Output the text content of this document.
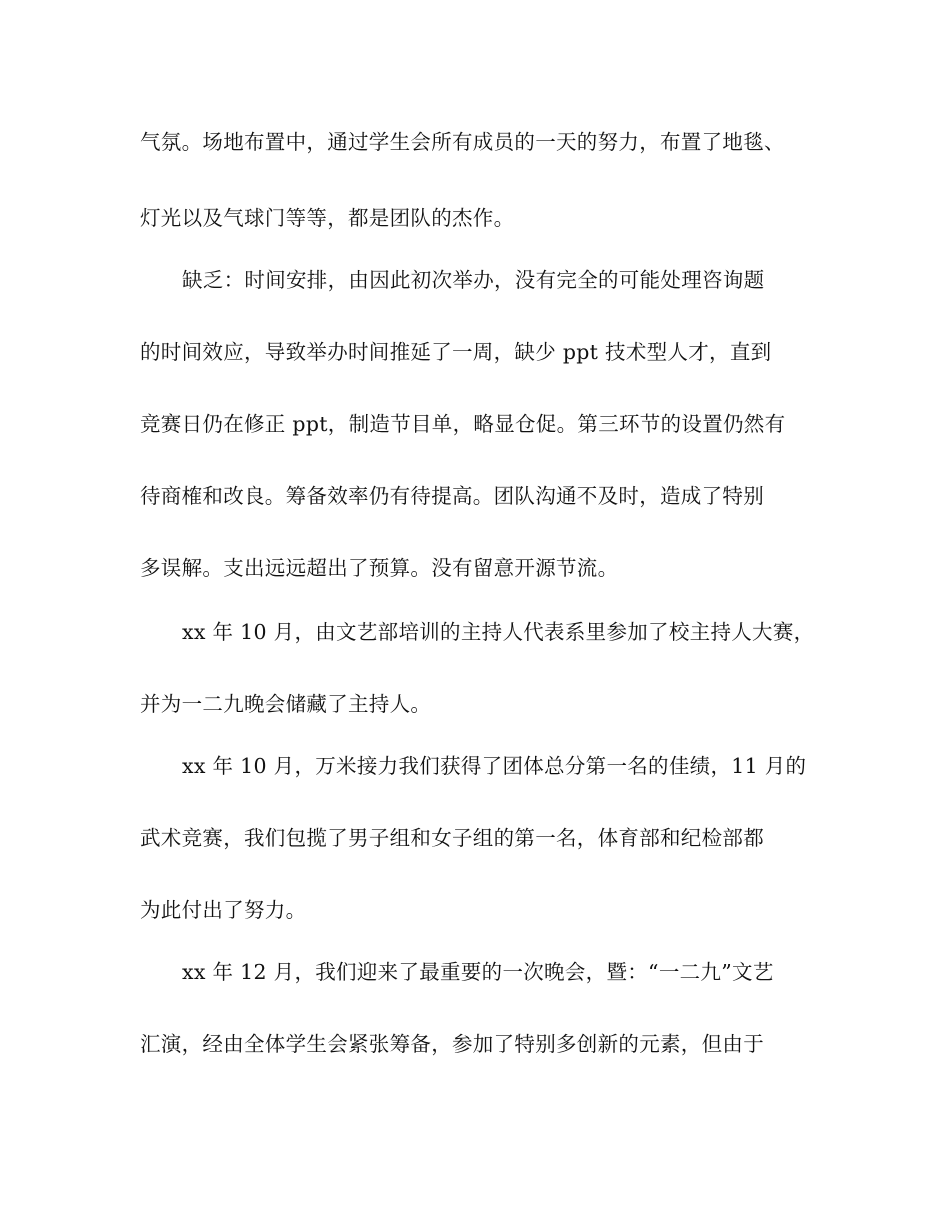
气氛。场地布置中，通过学生会所有成员的一天的努力，布置了地毯、
灯光以及气球门等等，都是团队的杰作。
缺乏：时间安排，由因此初次举办，没有完全的可能处理咨询题
的时间效应，导致举办时间推延了一周，缺少 ppt 技术型人才，直到
竞赛日仍在修正 ppt，制造节目单，略显仓促。第三环节的设置仍然有
待商榷和改良。筹备效率仍有待提高。团队沟通不及时，造成了特别
多误解。支出远远超出了预算。没有留意开源节流。
xx 年 10 月，由文艺部培训的主持人代表系里参加了校主持人大赛，
并为一二九晚会储藏了主持人。
xx 年 10 月，万米接力我们获得了团体总分第一名的佳绩，11 月的
武术竞赛，我们包揽了男子组和女子组的第一名，体育部和纪检部都
为此付出了努力。
xx 年 12 月，我们迎来了最重要的一次晚会，暨：“一二九”文艺
汇演，经由全体学生会紧张筹备，参加了特别多创新的元素，但由于
